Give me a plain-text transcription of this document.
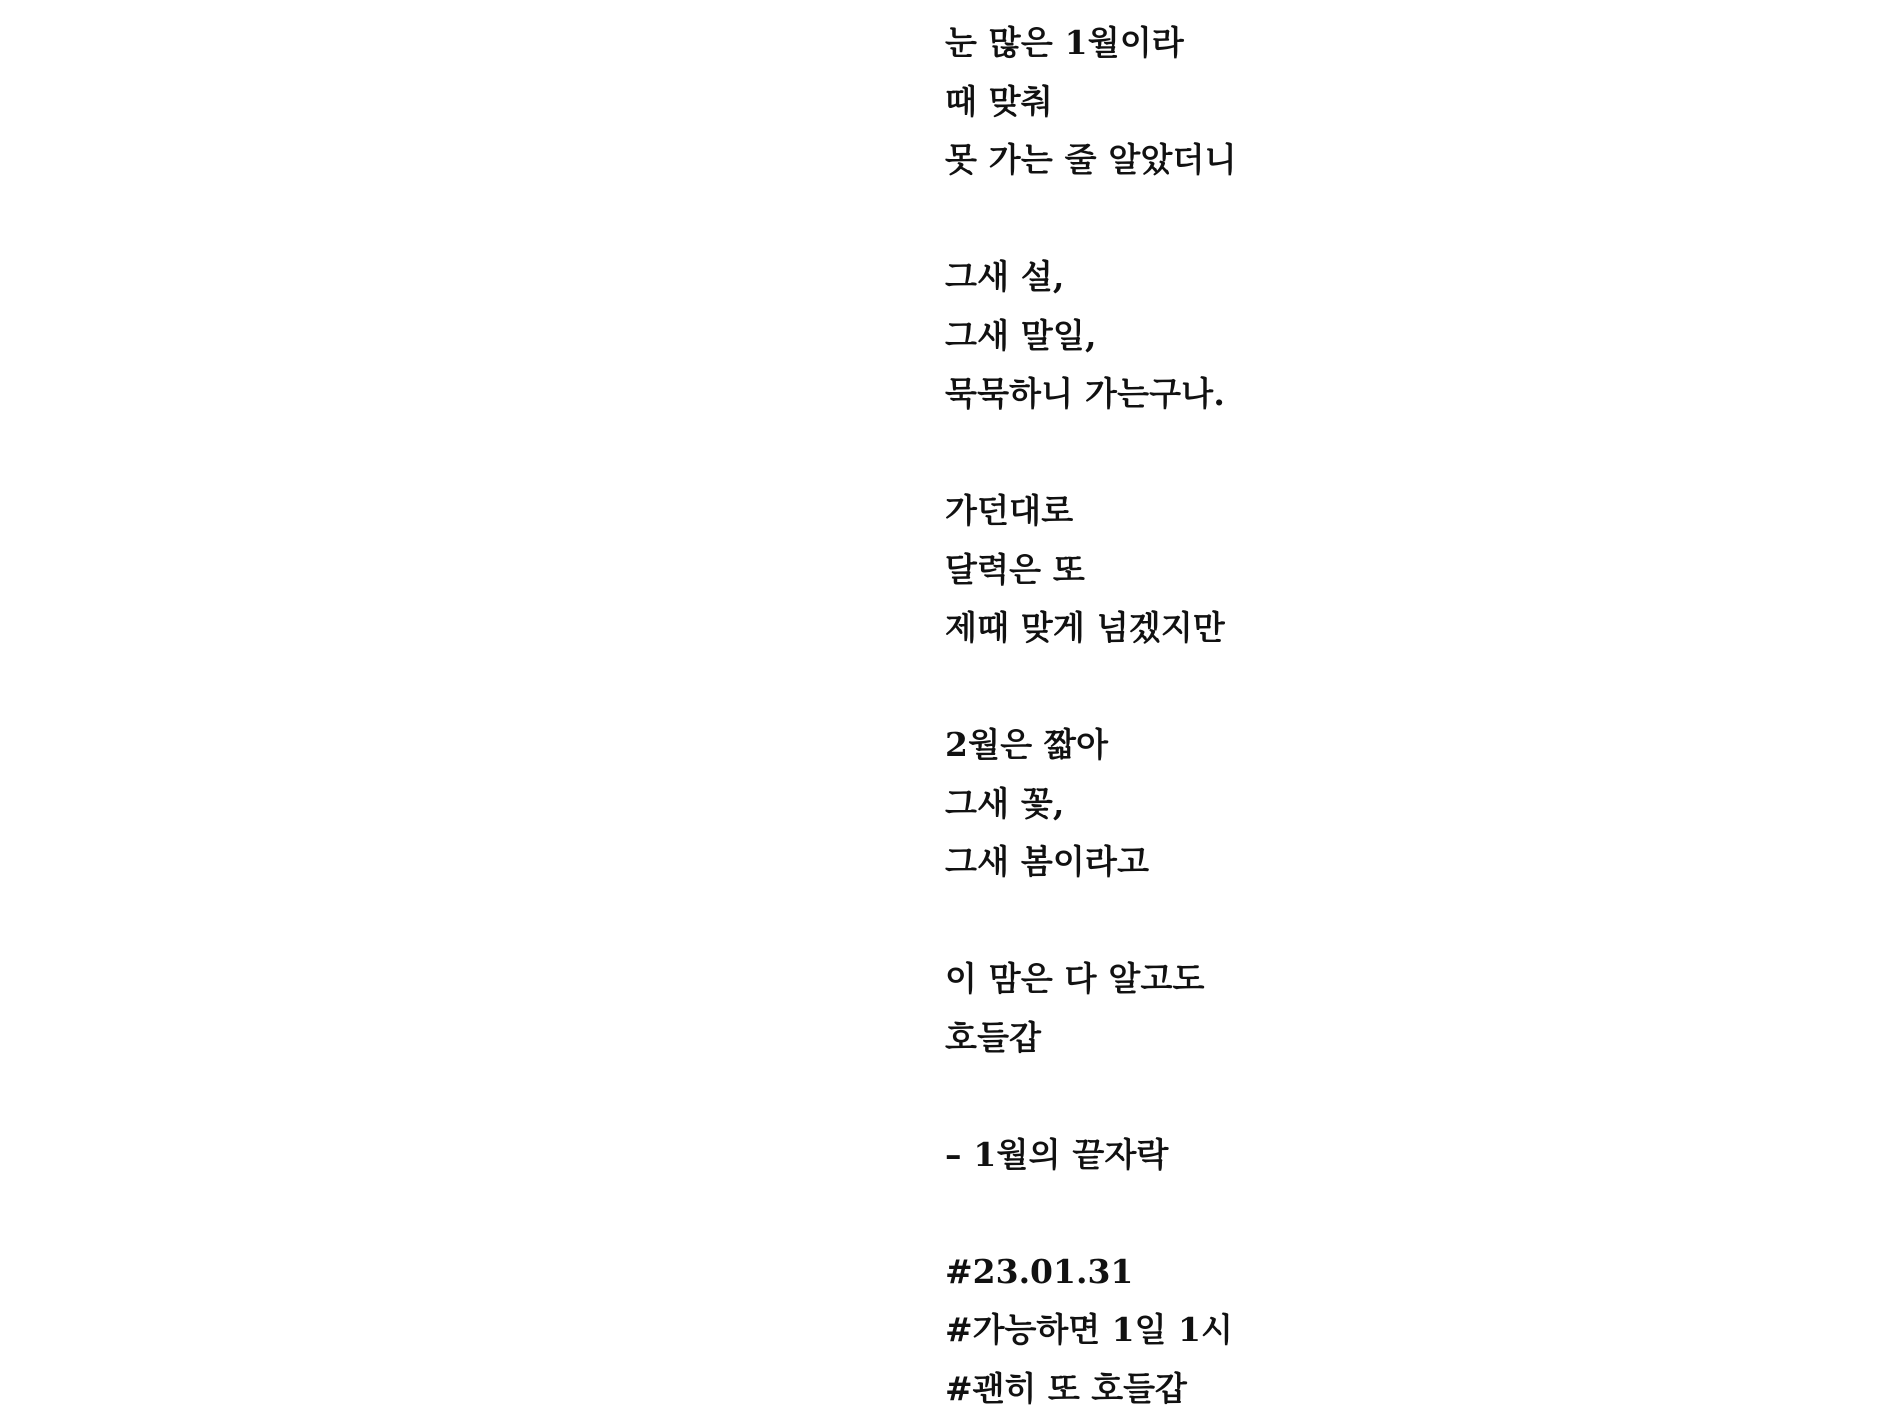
눈 많은 1월이라
때 맞춰
못 가는 줄 알았더니
그새 설,
그새 말일,
묵묵하니 가는구나.
가던대로
달력은 또
제때 맞게 넘겠지만
2월은 짧아
그새 꽃,
그새 봄이라고
이 맘은 다 알고도
호들갑
– 1월의 끝자락
#23.01.31
#가능하면 1일 1시
#괜히 또 호들갑
